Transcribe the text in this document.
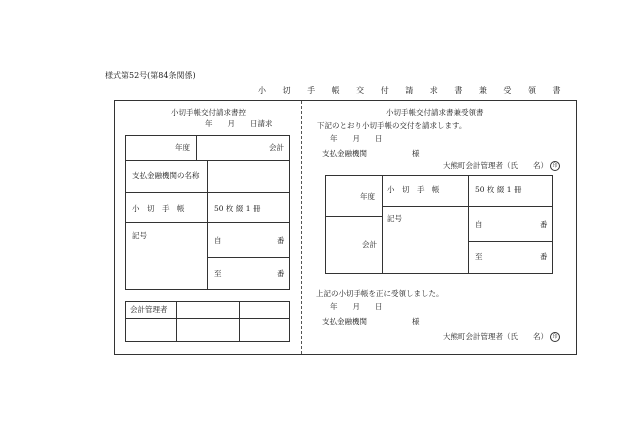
様式第52号(第84条関係)
小 切 手 帳 交 付 請 求 書 兼 受 領 書
小切手帳交付請求書控
年　　月　　日請求
年度	会計
支払金融機関の名称
小　切　手　帳	50 枚 綴 1 冊
記号
自	番
至	番
会計管理者
小切手帳交付請求書兼受領書
下記のとおり小切手帳の交付を請求します。
年　　月　　日
支払金融機関	様
大熊町会計管理者（氏　　名） 印
年度
会計
小　切　手　帳	50 枚 綴 1 冊
記号
自	番
至	番
上記の小切手帳を正に受領しました。
年　　月　　日
支払金融機関	様
大熊町会計管理者（氏　　名） 印
